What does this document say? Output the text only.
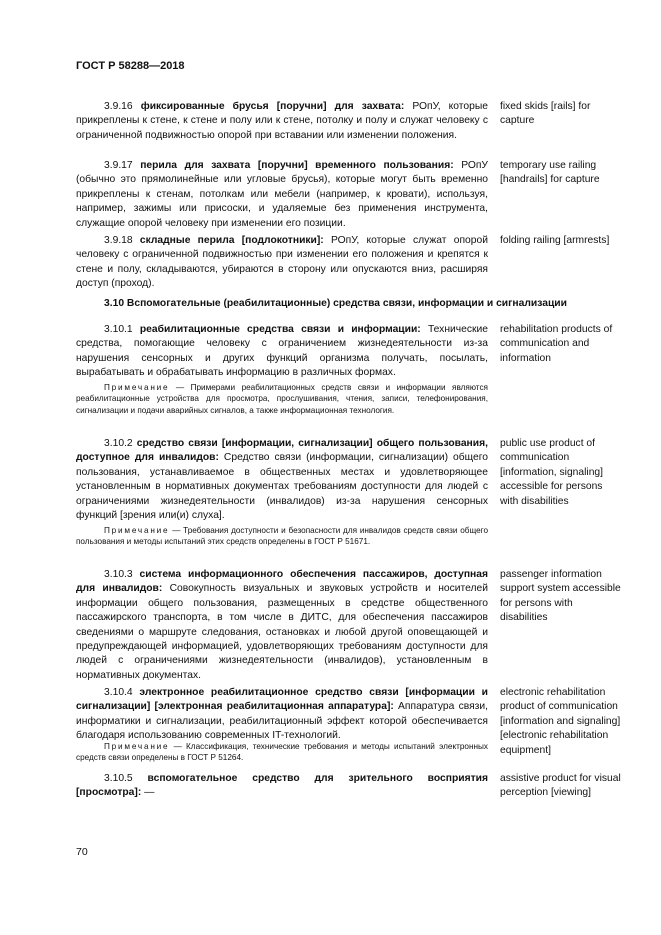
ГОСТ Р 58288—2018
3.9.16 фиксированные брусья [поручни] для захвата: РОпУ, которые прикреплены к стене, к стене и полу или к стене, потолку и полу и служат человеку с ограниченной подвижностью опорой при вставании или изменении положения.
fixed skids [rails] for capture
3.9.17 перила для захвата [поручни] временного пользования: РОпУ (обычно это прямолинейные или угловые брусья), которые могут быть временно прикреплены к стенам, потолкам или мебели (например, к кровати), используя, например, зажимы или присоски, и удаляемые без применения инструмента, служащие опорой человеку при изменении его позиции.
temporary use railing [handrails] for capture
3.9.18 складные перила [подлокотники]: РОпУ, которые служат опорой человеку с ограниченной подвижностью при изменении его положения и крепятся к стене и полу, складываются, убираются в сторону или опускаются вниз, расширяя доступ (проход).
folding railing [armrests]
3.10 Вспомогательные (реабилитационные) средства связи, информации и сигнализации
3.10.1 реабилитационные средства связи и информации: Технические средства, помогающие человеку с ограничением жизнедеятельности из-за нарушения сенсорных и других функций организма получать, посылать, вырабатывать и обрабатывать информацию в различных формах.
rehabilitation products of communication and information
Примечание — Примерами реабилитационных средств связи и информации являются реабилитационные устройства для просмотра, прослушивания, чтения, записи, телефонирования, сигнализации и подачи аварийных сигналов, а также информационная технология.
3.10.2 средство связи [информации, сигнализации] общего пользования, доступное для инвалидов: Средство связи (информации, сигнализации) общего пользования, устанавливаемое в общественных местах и удовлетворяющее установленным в нормативных документах требованиям доступности для людей с ограничениями жизнедеятельности (инвалидов) из-за нарушения сенсорных функций [зрения или(и) слуха].
public use product of communication [information, signaling] accessible for persons with disabilities
Примечание — Требования доступности и безопасности для инвалидов средств связи общего пользования и методы испытаний этих средств определены в ГОСТ Р 51671.
3.10.3 система информационного обеспечения пассажиров, доступная для инвалидов: Совокупность визуальных и звуковых устройств и носителей информации общего пользования, размещенных в средстве общественного пассажирского транспорта, в том числе в ДИТС, для обеспечения пассажиров сведениями о маршруте следования, остановках и любой другой оповещающей и предупреждающей информацией, удовлетворяющих требованиям доступности для людей с ограничениями жизнедеятельности (инвалидов), установленным в нормативных документах.
passenger information support system accessible for persons with disabilities
3.10.4 электронное реабилитационное средство связи [информации и сигнализации] [электронная реабилитационная аппаратура]: Аппаратура связи, информатики и сигнализации, реабилитационный эффект которой обеспечивается благодаря использованию современных IT-технологий.
electronic rehabilitation product of communication [information and signaling] [electronic rehabilitation equipment]
Примечание — Классификация, технические требования и методы испытаний электронных средств связи определены в ГОСТ Р 51264.
3.10.5 вспомогательное средство для зрительного восприятия [просмотра]: —
assistive product for visual perception [viewing]
70
